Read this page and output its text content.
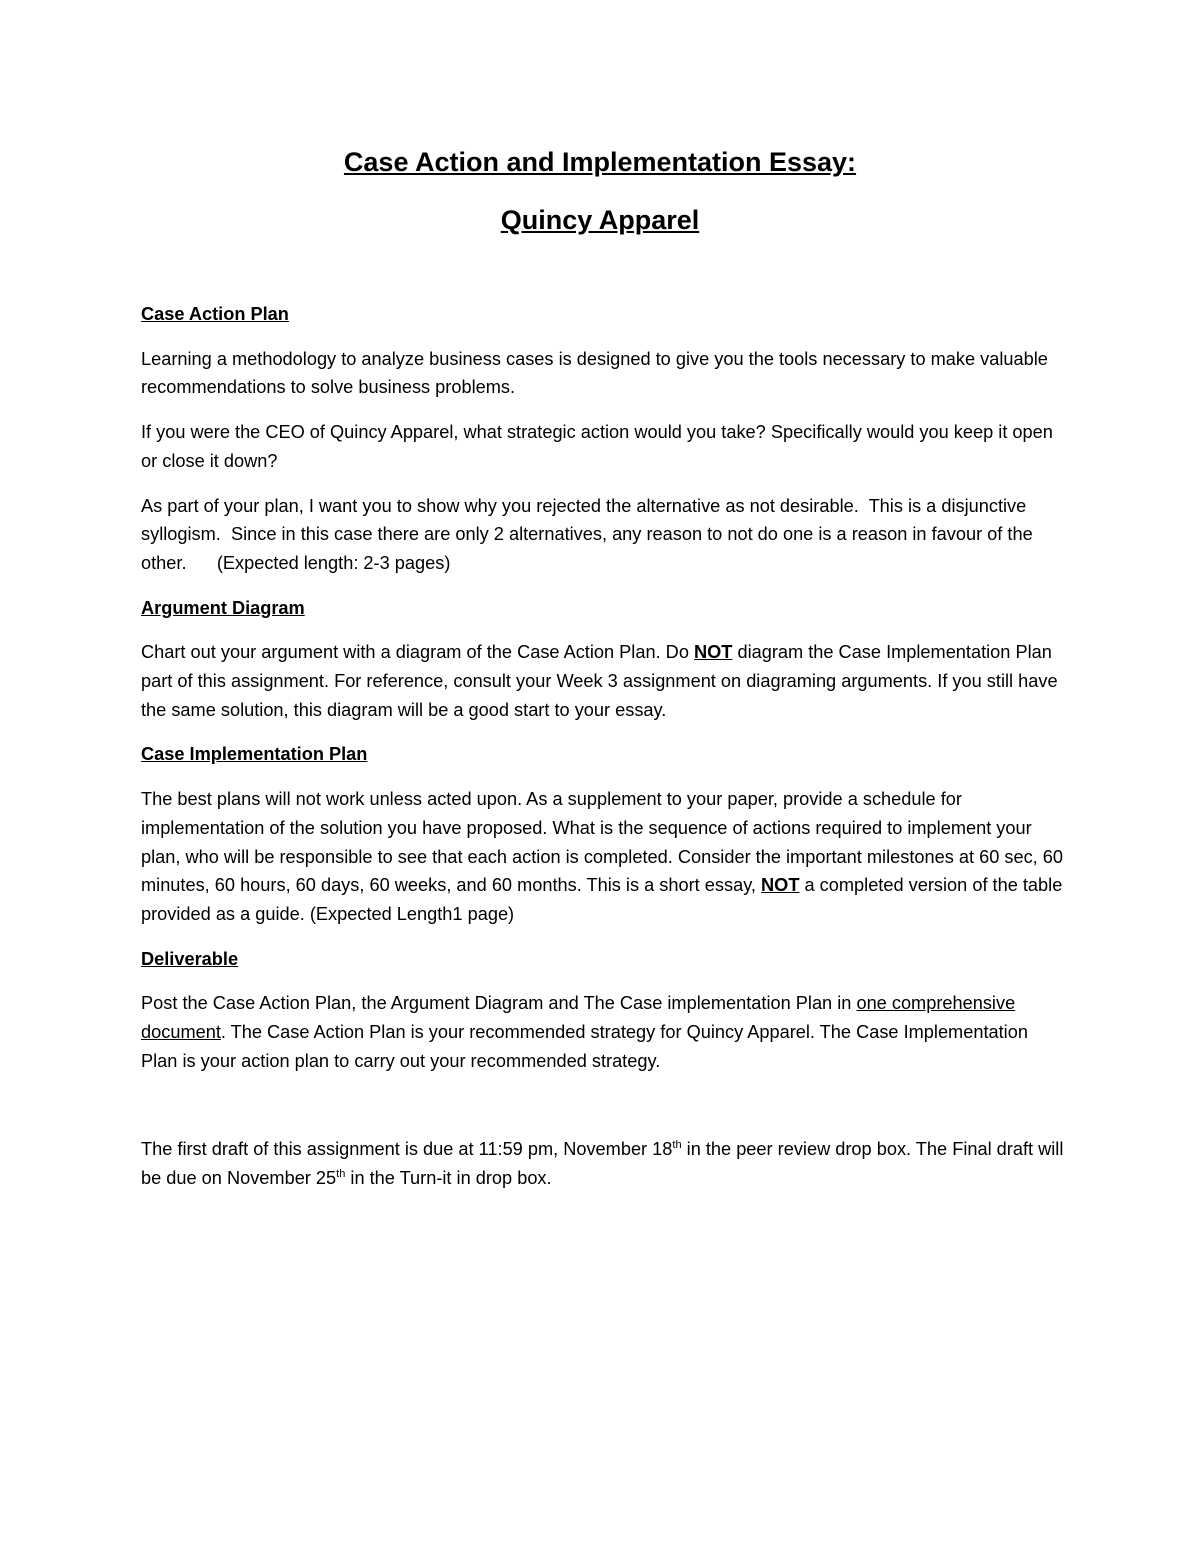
Case Action and Implementation Essay:
Quincy Apparel
Case Action Plan

Learning a methodology to analyze business cases is designed to give you the tools necessary to make valuable recommendations to solve business problems.

If you were the CEO of Quincy Apparel, what strategic action would you take? Specifically would you keep it open or close it down?

As part of your plan, I want you to show why you rejected the alternative as not desirable.  This is a disjunctive syllogism.  Since in this case there are only 2 alternatives, any reason to not do one is a reason in favour of the other.      (Expected length: 2-3 pages)

Argument Diagram

Chart out your argument with a diagram of the Case Action Plan. Do NOT diagram the Case Implementation Plan part of this assignment. For reference, consult your Week 3 assignment on diagraming arguments. If you still have the same solution, this diagram will be a good start to your essay.

Case Implementation Plan

The best plans will not work unless acted upon. As a supplement to your paper, provide a schedule for implementation of the solution you have proposed. What is the sequence of actions required to implement your plan, who will be responsible to see that each action is completed. Consider the important milestones at 60 sec, 60 minutes, 60 hours, 60 days, 60 weeks, and 60 months. This is a short essay, NOT a completed version of the table provided as a guide. (Expected Length1 page)

Deliverable

Post the Case Action Plan, the Argument Diagram and The Case implementation Plan in one comprehensive document. The Case Action Plan is your recommended strategy for Quincy Apparel. The Case Implementation Plan is your action plan to carry out your recommended strategy.

The first draft of this assignment is due at 11:59 pm, November 18th in the peer review drop box. The Final draft will be due on November 25th in the Turn-it in drop box.
